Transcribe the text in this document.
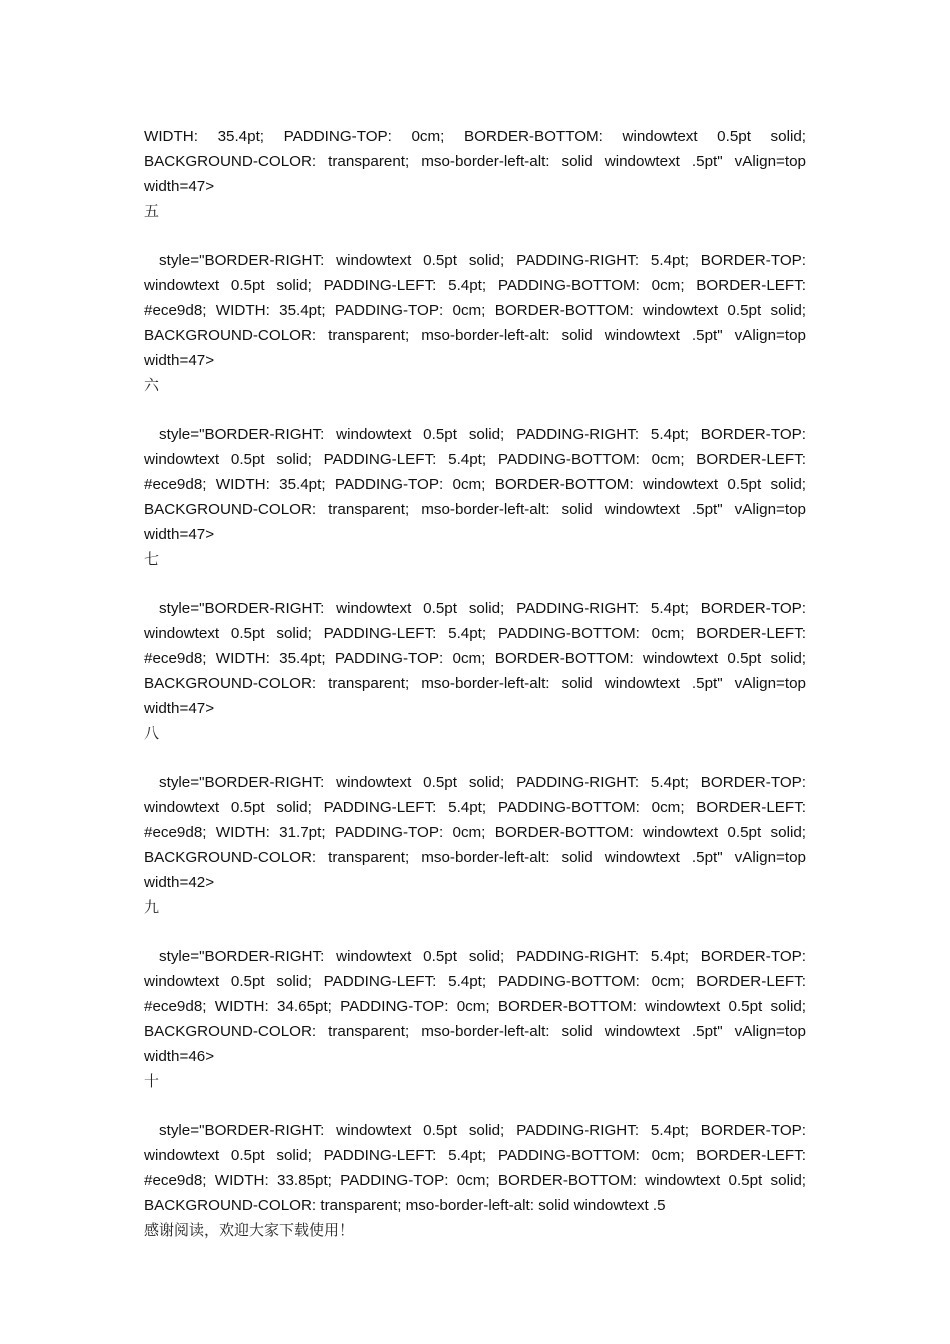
WIDTH: 35.4pt; PADDING-TOP: 0cm; BORDER-BOTTOM: windowtext 0.5pt solid; BACKGROUND-COLOR: transparent; mso-border-left-alt: solid windowtext .5pt" vAlign=top width=47>

五

style="BORDER-RIGHT: windowtext 0.5pt solid; PADDING-RIGHT: 5.4pt; BORDER-TOP: windowtext 0.5pt solid; PADDING-LEFT: 5.4pt; PADDING-BOTTOM: 0cm; BORDER-LEFT: #ece9d8; WIDTH: 35.4pt; PADDING-TOP: 0cm; BORDER-BOTTOM: windowtext 0.5pt solid; BACKGROUND-COLOR: transparent; mso-border-left-alt: solid windowtext .5pt" vAlign=top width=47>

六

style="BORDER-RIGHT: windowtext 0.5pt solid; PADDING-RIGHT: 5.4pt; BORDER-TOP: windowtext 0.5pt solid; PADDING-LEFT: 5.4pt; PADDING-BOTTOM: 0cm; BORDER-LEFT: #ece9d8; WIDTH: 35.4pt; PADDING-TOP: 0cm; BORDER-BOTTOM: windowtext 0.5pt solid; BACKGROUND-COLOR: transparent; mso-border-left-alt: solid windowtext .5pt" vAlign=top width=47>

七

style="BORDER-RIGHT: windowtext 0.5pt solid; PADDING-RIGHT: 5.4pt; BORDER-TOP: windowtext 0.5pt solid; PADDING-LEFT: 5.4pt; PADDING-BOTTOM: 0cm; BORDER-LEFT: #ece9d8; WIDTH: 35.4pt; PADDING-TOP: 0cm; BORDER-BOTTOM: windowtext 0.5pt solid; BACKGROUND-COLOR: transparent; mso-border-left-alt: solid windowtext .5pt" vAlign=top width=47>

八

style="BORDER-RIGHT: windowtext 0.5pt solid; PADDING-RIGHT: 5.4pt; BORDER-TOP: windowtext 0.5pt solid; PADDING-LEFT: 5.4pt; PADDING-BOTTOM: 0cm; BORDER-LEFT: #ece9d8; WIDTH: 31.7pt; PADDING-TOP: 0cm; BORDER-BOTTOM: windowtext 0.5pt solid; BACKGROUND-COLOR: transparent; mso-border-left-alt: solid windowtext .5pt" vAlign=top width=42>

九

style="BORDER-RIGHT: windowtext 0.5pt solid; PADDING-RIGHT: 5.4pt; BORDER-TOP: windowtext 0.5pt solid; PADDING-LEFT: 5.4pt; PADDING-BOTTOM: 0cm; BORDER-LEFT: #ece9d8; WIDTH: 34.65pt; PADDING-TOP: 0cm; BORDER-BOTTOM: windowtext 0.5pt solid; BACKGROUND-COLOR: transparent; mso-border-left-alt: solid windowtext .5pt" vAlign=top width=46>

十

style="BORDER-RIGHT: windowtext 0.5pt solid; PADDING-RIGHT: 5.4pt; BORDER-TOP: windowtext 0.5pt solid; PADDING-LEFT: 5.4pt; PADDING-BOTTOM: 0cm; BORDER-LEFT: #ece9d8; WIDTH: 33.85pt; PADDING-TOP: 0cm; BORDER-BOTTOM: windowtext 0.5pt solid; BACKGROUND-COLOR: transparent; mso-border-left-alt: solid windowtext .5

感谢阅读，欢迎大家下载使用！
